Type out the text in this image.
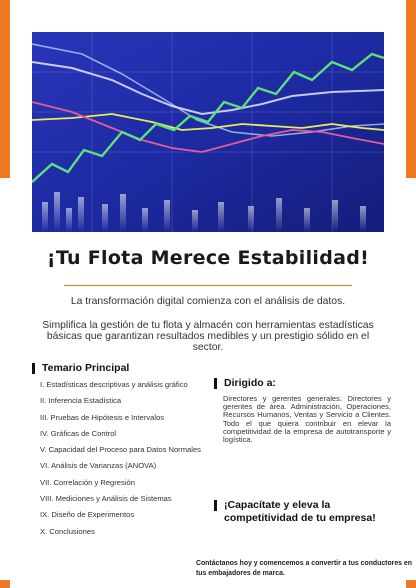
¡Tu Flota Merece Estabilidad!
La transformación digital comienza con el análisis de datos.
Simplifica la gestión de tu flota y almacén con herramientas estadísticas básicas que garantizan resultados medibles y un prestigio sólido en el sector.
Temario Principal
I. Estadísticas descriptivas y análisis gráfico
II. Inferencia Estadística
III. Pruebas de Hipótesis e Intervalos
IV. Gráficas de Control
V. Capacidad del Proceso para Datos Normales
VI. Análisis de Varianzas (ANOVA)
VII. Correlación y Regresión
VIII. Mediciones y Análisis de Sistemas
IX. Diseño de Experimentos
X. Conclusiones
Dirigido a:
Directores y gerentes generales. Directores y gerentes de área. Administración, Operaciones, Recursos Humanos, Ventas y Servicio a Clientes. Todo el que quiera contribuir en elevar la competitividad de la empresa de autotransporte y logística.
¡Capacítate y eleva la competitividad de tu empresa!
Contáctanos hoy y comencemos a convertir a tus conductores en tus embajadores de marca.
